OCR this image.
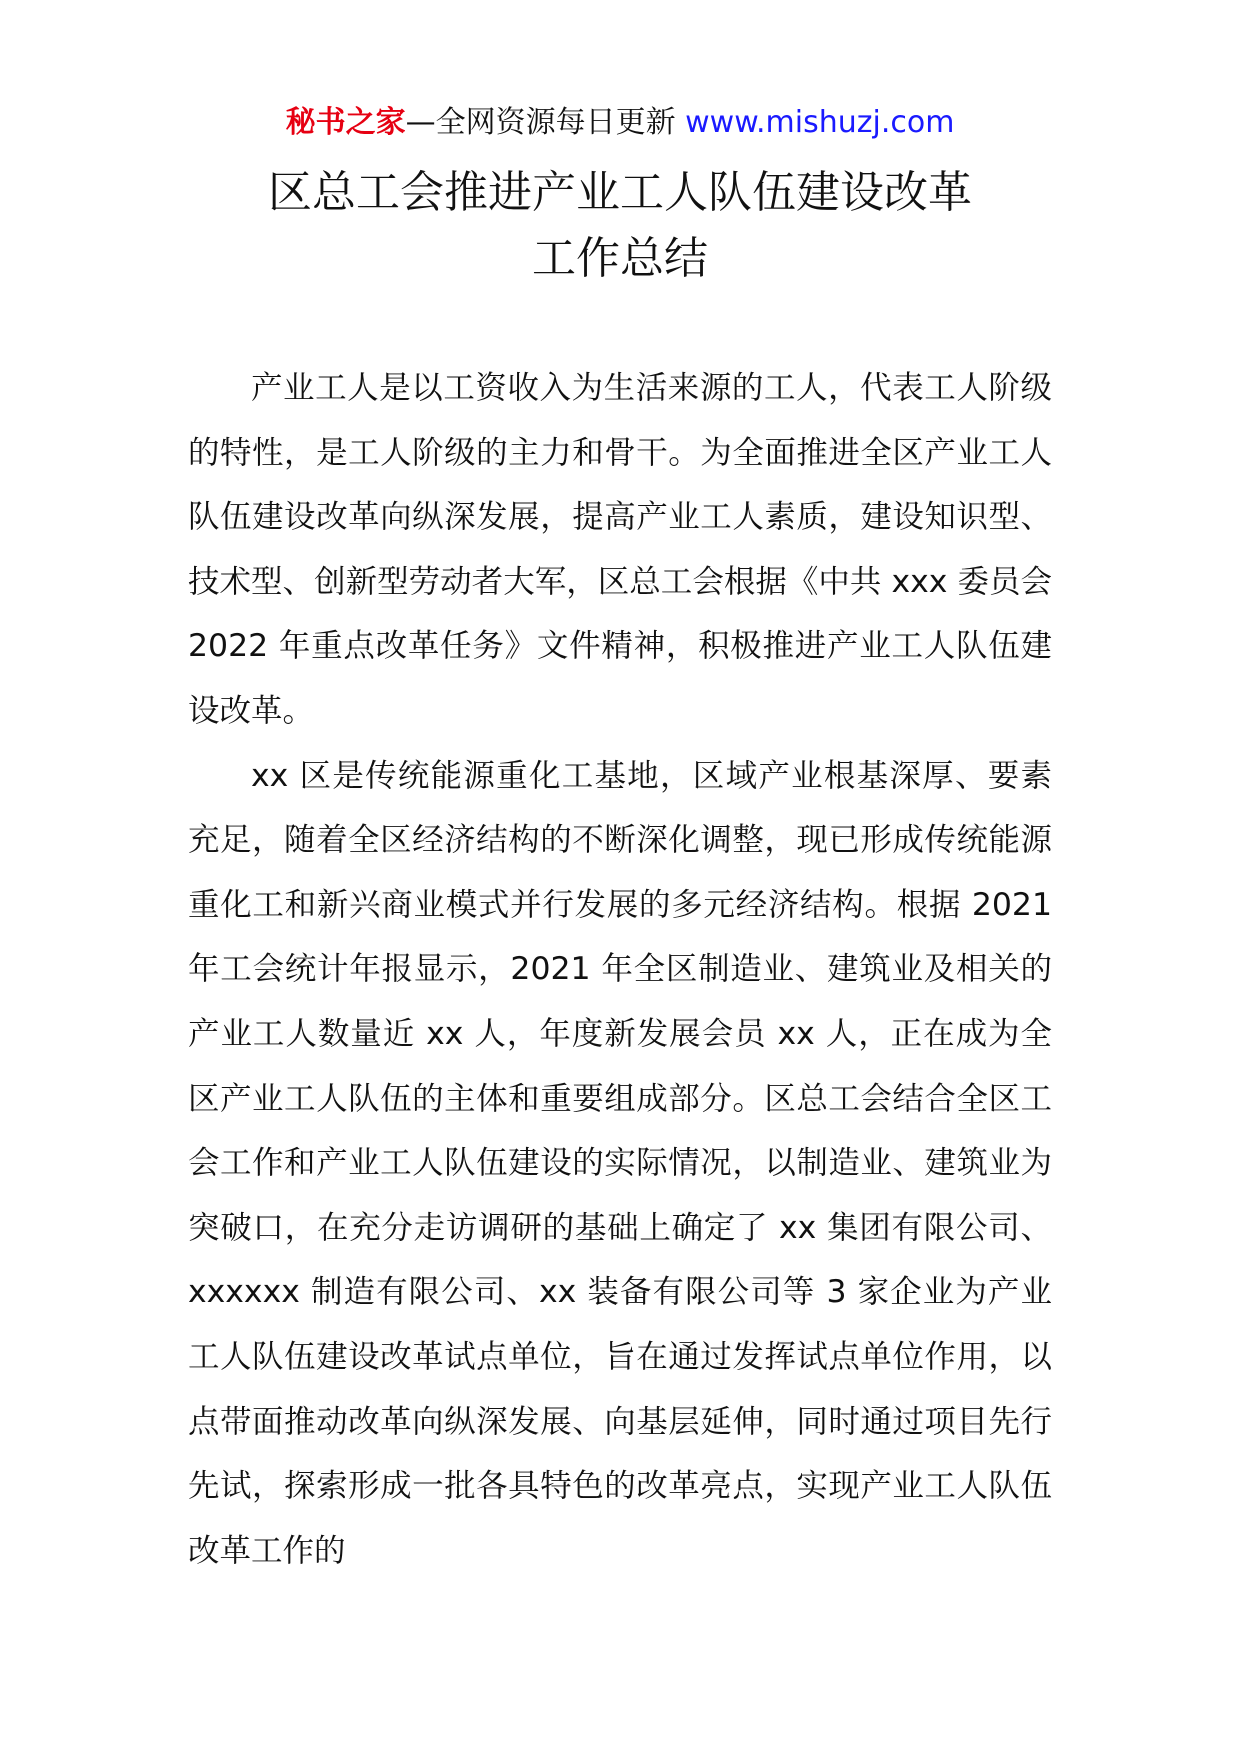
秘书之家—全网资源每日更新 www.mishuzj.com
区总工会推进产业工人队伍建设改革
工作总结

产业工人是以工资收入为生活来源的工人，代表工人阶级的特性，是工人阶级的主力和骨干。为全面推进全区产业工人队伍建设改革向纵深发展，提高产业工人素质，建设知识型、技术型、创新型劳动者大军，区总工会根据《中共 xxx 委员会 2022 年重点改革任务》文件精神，积极推进产业工人队伍建设改革。

xx 区是传统能源重化工基地，区域产业根基深厚、要素充足，随着全区经济结构的不断深化调整，现已形成传统能源重化工和新兴商业模式并行发展的多元经济结构。根据 2021 年工会统计年报显示，2021 年全区制造业、建筑业及相关的产业工人数量近 xx 人，年度新发展会员 xx 人，正在成为全区产业工人队伍的主体和重要组成部分。区总工会结合全区工会工作和产业工人队伍建设的实际情况，以制造业、建筑业为突破口，在充分走访调研的基础上确定了 xx 集团有限公司、xxxxxx 制造有限公司、xx 装备有限公司等 3 家企业为产业工人队伍建设改革试点单位，旨在通过发挥试点单位作用，以点带面推动改革向纵深发展、向基层延伸，同时通过项目先行先试，探索形成一批各具特色的改革亮点，实现产业工人队伍改革工作的
